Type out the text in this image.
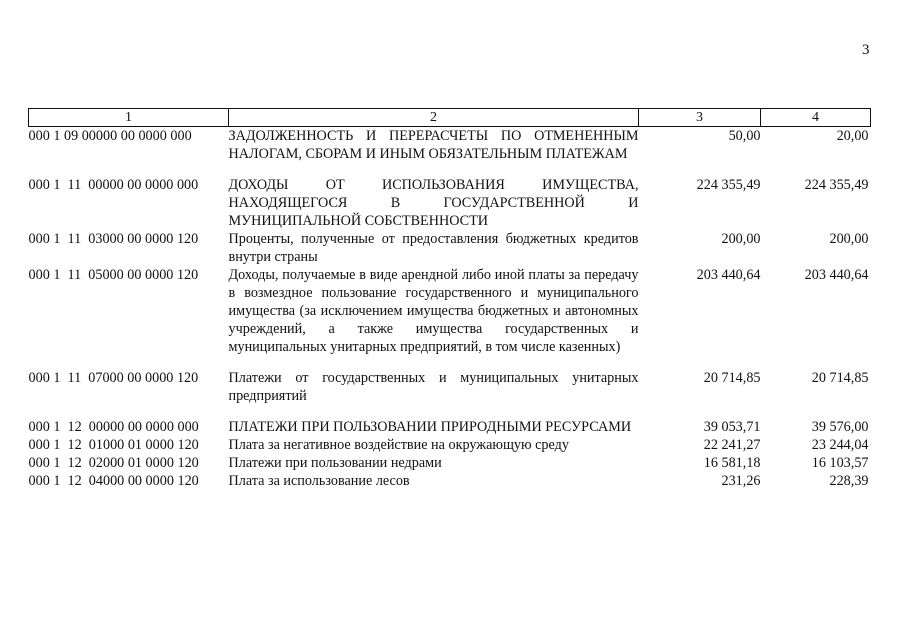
3
1	2	3	4
000 1 09 00000 00 0000 000	ЗАДОЛЖЕННОСТЬ И ПЕРЕРАСЧЕТЫ ПО ОТМЕНЕННЫМ НАЛОГАМ, СБОРАМ И ИНЫМ ОБЯЗАТЕЛЬНЫМ ПЛАТЕЖАМ	50,00	20,00
000 1  11  00000 00 0000 000	ДОХОДЫ ОТ ИСПОЛЬЗОВАНИЯ ИМУЩЕСТВА, НАХОДЯЩЕГОСЯ В ГОСУДАРСТВЕННОЙ И МУНИЦИПАЛЬНОЙ СОБСТВЕННОСТИ	224 355,49	224 355,49
000 1  11  03000 00 0000 120	Проценты, полученные от предоставления бюджетных кредитов внутри страны	200,00	200,00
000 1  11  05000 00 0000 120	Доходы, получаемые в виде арендной либо иной платы за передачу в возмездное пользование государственного и муниципального имущества (за исключением имущества бюджетных и автономных учреждений, а также имущества государственных и муниципальных унитарных предприятий, в том числе казенных)	203 440,64	203 440,64
000 1  11  07000 00 0000 120	Платежи от государственных и муниципальных унитарных предприятий	20 714,85	20 714,85
000 1  12  00000 00 0000 000	ПЛАТЕЖИ ПРИ ПОЛЬЗОВАНИИ ПРИРОДНЫМИ РЕСУРСАМИ	39 053,71	39 576,00
000 1  12  01000 01 0000 120	Плата за негативное воздействие на окружающую среду	22 241,27	23 244,04
000 1  12  02000 01 0000 120	Платежи при пользовании недрами	16 581,18	16 103,57
000 1  12  04000 00 0000 120	Плата за использование лесов	231,26	228,39
